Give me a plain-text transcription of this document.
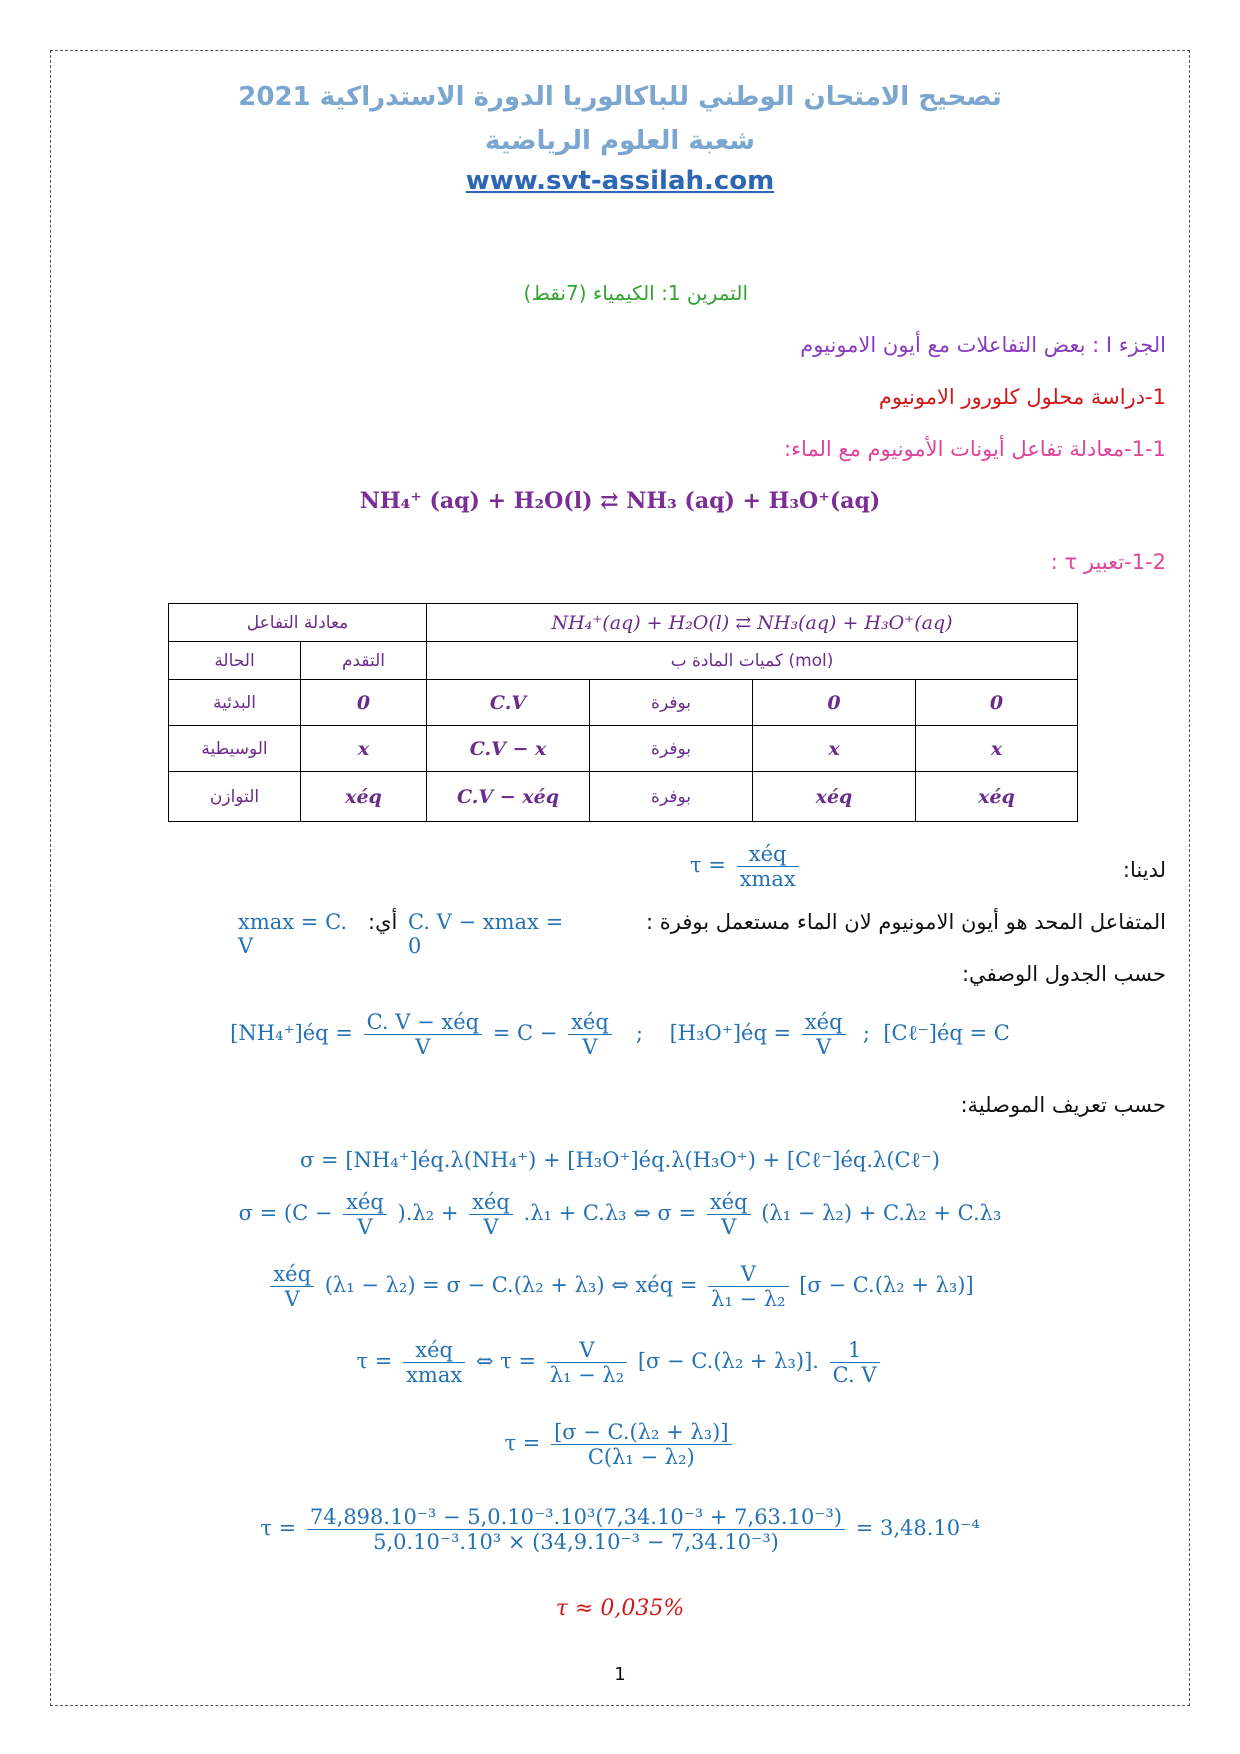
تصحيح الامتحان الوطني للباكالوريا الدورة الاستدراكية 2021
شعبة العلوم الرياضية
www.svt-assilah.com
التمرين 1: الكيمياء (7نقط)
الجزء I : بعض التفاعلات مع أيون الامونيوم
1-دراسة محلول كلورور الامونيوم
1-1-معادلة تفاعل أيونات الأمونيوم مع الماء:
NH₄⁺ (aq) + H₂O(l) ⇄ NH₃ (aq) + H₃O⁺(aq)
1-2-تعبير τ :
معادلة التفاعل		NH₄⁺(aq) + H₂O(l) ⇄ NH₃(aq) + H₃O⁺(aq)			
الحالة	التقدم	كميات المادة ب (mol)			
البدئية	0	C.V	بوفرة	0	0
الوسيطية	x	C.V − x	بوفرة	x	x
التوازن	xéq	C.V − xéq	بوفرة	xéq	xéq
لدينا:
$\tau = \frac{\text{xéq}}{xmax}$
المتفاعل المحد هو أيون الامونيوم لان الماء مستعمل بوفرة :
C. V − xmax = 0
أي:
xmax = C. V
حسب الجدول الوصفي:
[NH₄⁺]éq = $\frac{\text{C. V − xéq}}{V} = C - \frac{\text{xéq}}{V}$ ; [H₃O⁺]éq = $\frac{\text{xéq}}{V}$ ; [Cℓ⁻]éq = C
حسب تعريف الموصلية:
σ = [NH₄⁺]éq.λ(NH₄⁺) + [H₃O⁺]éq.λ(H₃O⁺) + [Cℓ⁻]éq.λ(Cℓ⁻)
$\sigma = (C - \frac{\text{xéq}}{V} ).\lambda_2 + \frac{\text{xéq}}{V} .\lambda_1 + C.\lambda_3$ ⇔ $\sigma = \frac{\text{xéq}}{V} (\lambda_1 - \lambda_2) + C.\lambda_2 + C.\lambda_3$
$\frac{\text{xéq}}{V} (\lambda_1 - \lambda_2) = \sigma - C.(\lambda_2 + \lambda_3)$ ⇔ xéq = $\frac{V}{\text{λ₁ − λ₂}} [\sigma - C.(\lambda_2 + \lambda_3)]$
$\tau = \frac{\text{xéq}}{xmax}$ ⇔ $\tau = \frac{V}{\text{λ₁ − λ₂}} [\sigma - C.(\lambda_2 + \lambda_3)]$. $\frac{1}{C. V}$
$\tau = \frac{\text{[σ − C.(λ₂ + λ₃)]}}{\text{C(λ₁ − λ₂)}}$
$\tau = \frac{\text{74,898.10⁻³ − 5,0.10⁻³.10³(7,34.10⁻³ + 7,63.10⁻³)}}{\text{5,0.10⁻³.10³ × (34,9.10⁻³ − 7,34.10⁻³)}} = 3,48.10^{-4}$
τ ≈ 0,035%
1
